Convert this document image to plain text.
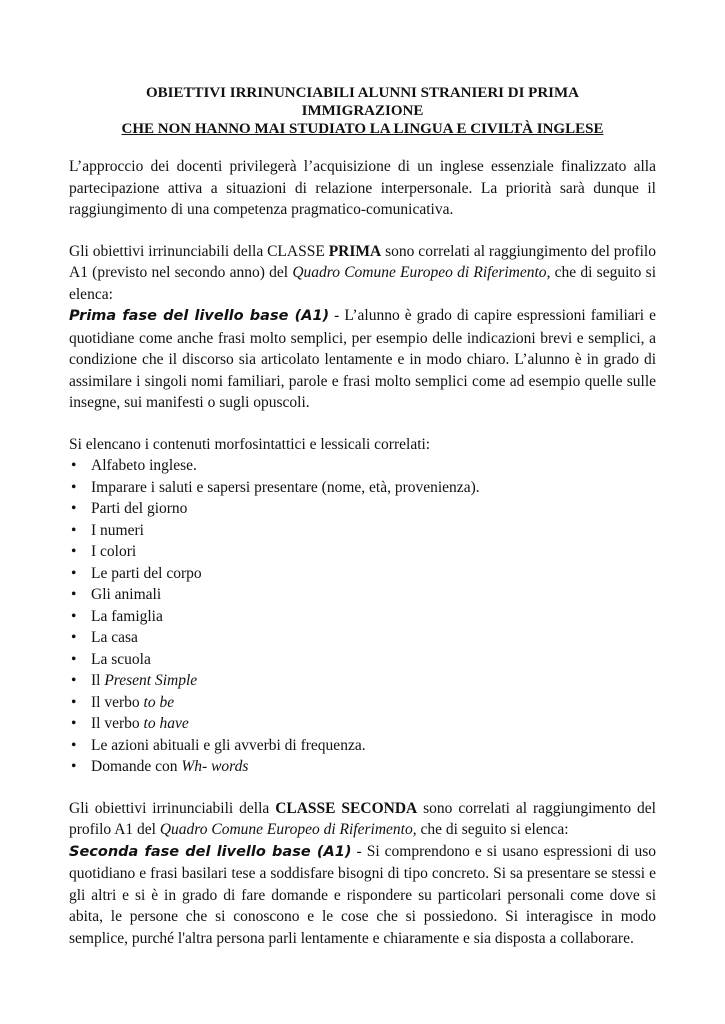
OBIETTIVI IRRINUNCIABILI ALUNNI STRANIERI DI PRIMA
IMMIGRAZIONE
CHE NON HANNO MAI STUDIATO LA LINGUA E CIVILTÀ INGLESE

L’approccio dei docenti privilegerà l’acquisizione di un inglese essenziale finalizzato alla partecipazione attiva a situazioni di relazione interpersonale. La priorità sarà dunque il raggiungimento di una competenza pragmatico-comunicativa.

Gli obiettivi irrinunciabili della CLASSE PRIMA sono correlati al raggiungimento del profilo A1 (previsto nel secondo anno) del Quadro Comune Europeo di Riferimento, che di seguito si elenca:

Prima fase del livello base (A1) - L’alunno è grado di capire espressioni familiari e quotidiane come anche frasi molto semplici, per esempio delle indicazioni brevi e semplici, a condizione che il discorso sia articolato lentamente e in modo chiaro. L’alunno è in grado di assimilare i singoli nomi familiari, parole e frasi molto semplici come ad esempio quelle sulle insegne, sui manifesti o sugli opuscoli.

Si elencano i contenuti morfosintattici e lessicali correlati:

• Alfabeto inglese.
• Imparare i saluti e sapersi presentare (nome, età, provenienza).
• Parti del giorno
• I numeri
• I colori
• Le parti del corpo
• Gli animali
• La famiglia
• La casa
• La scuola
• Il Present Simple
• Il verbo to be
• Il verbo to have
• Le azioni abituali e gli avverbi di frequenza.
• Domande con Wh- words

Gli obiettivi irrinunciabili della CLASSE SECONDA sono correlati al raggiungimento del profilo A1 del Quadro Comune Europeo di Riferimento, che di seguito si elenca:

Seconda fase del livello base (A1) - Si comprendono e si usano espressioni di uso quotidiano e frasi basilari tese a soddisfare bisogni di tipo concreto. Si sa presentare se stessi e gli altri e si è in grado di fare domande e rispondere su particolari personali come dove si abita, le persone che si conoscono e le cose che si possiedono. Si interagisce in modo semplice, purché l'altra persona parli lentamente e chiaramente e sia disposta a collaborare.
